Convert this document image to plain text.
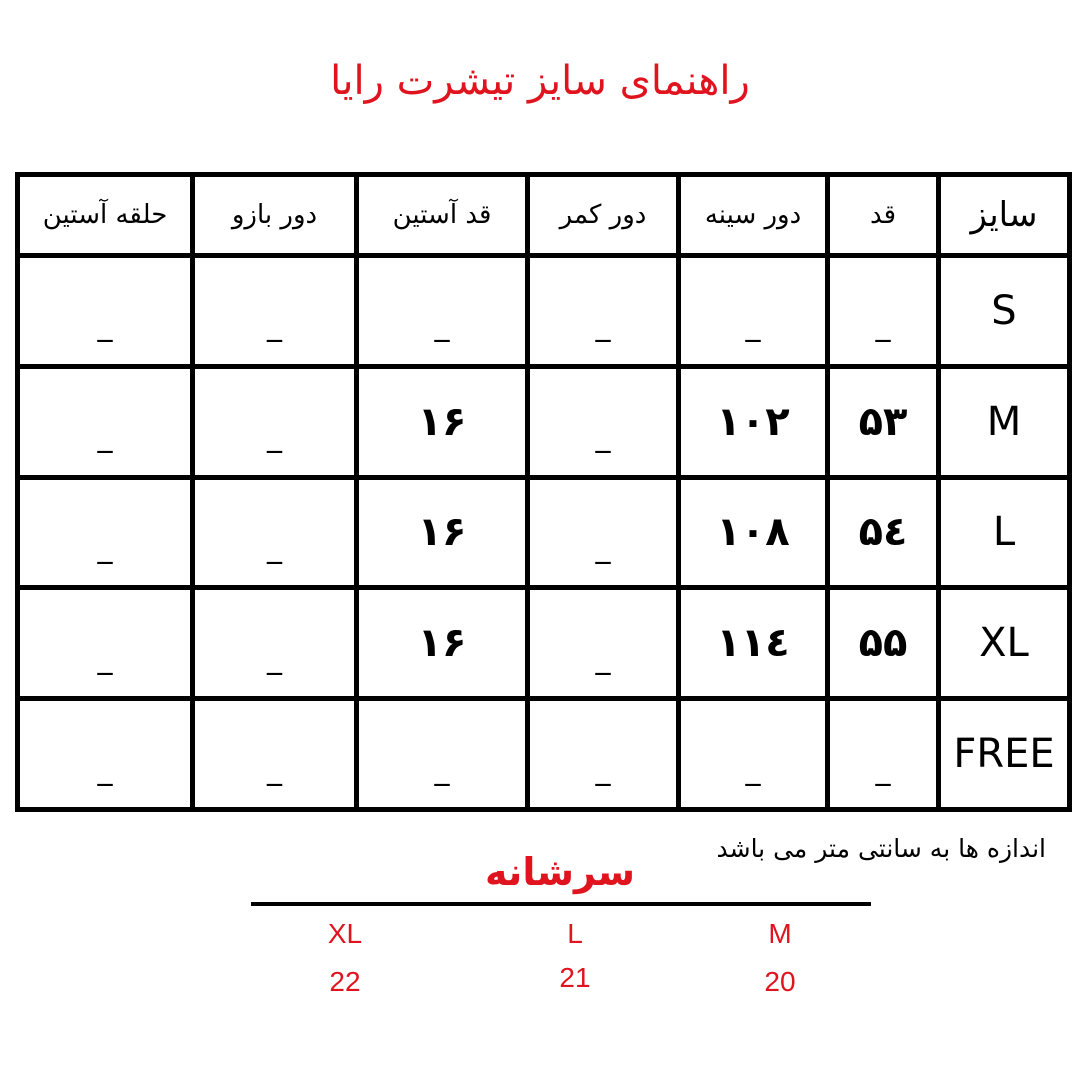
راهنمای سایز تیشرت رایا
سایز	قد	دور سینه	دور کمر	قد آستین	دور بازو	حلقه آستین
S	_	_	_	_	_	_
M	۵۳	۱۰۲	_	۱۶	_	_
L	۵٤	۱۰۸	_	۱۶	_	_
XL	۵۵	۱۱٤	_	۱۶	_	_
FREE	_	_	_	_	_	_
اندازه ها به سانتی متر می باشد
سرشانه
XL
22
L
21
M
20
